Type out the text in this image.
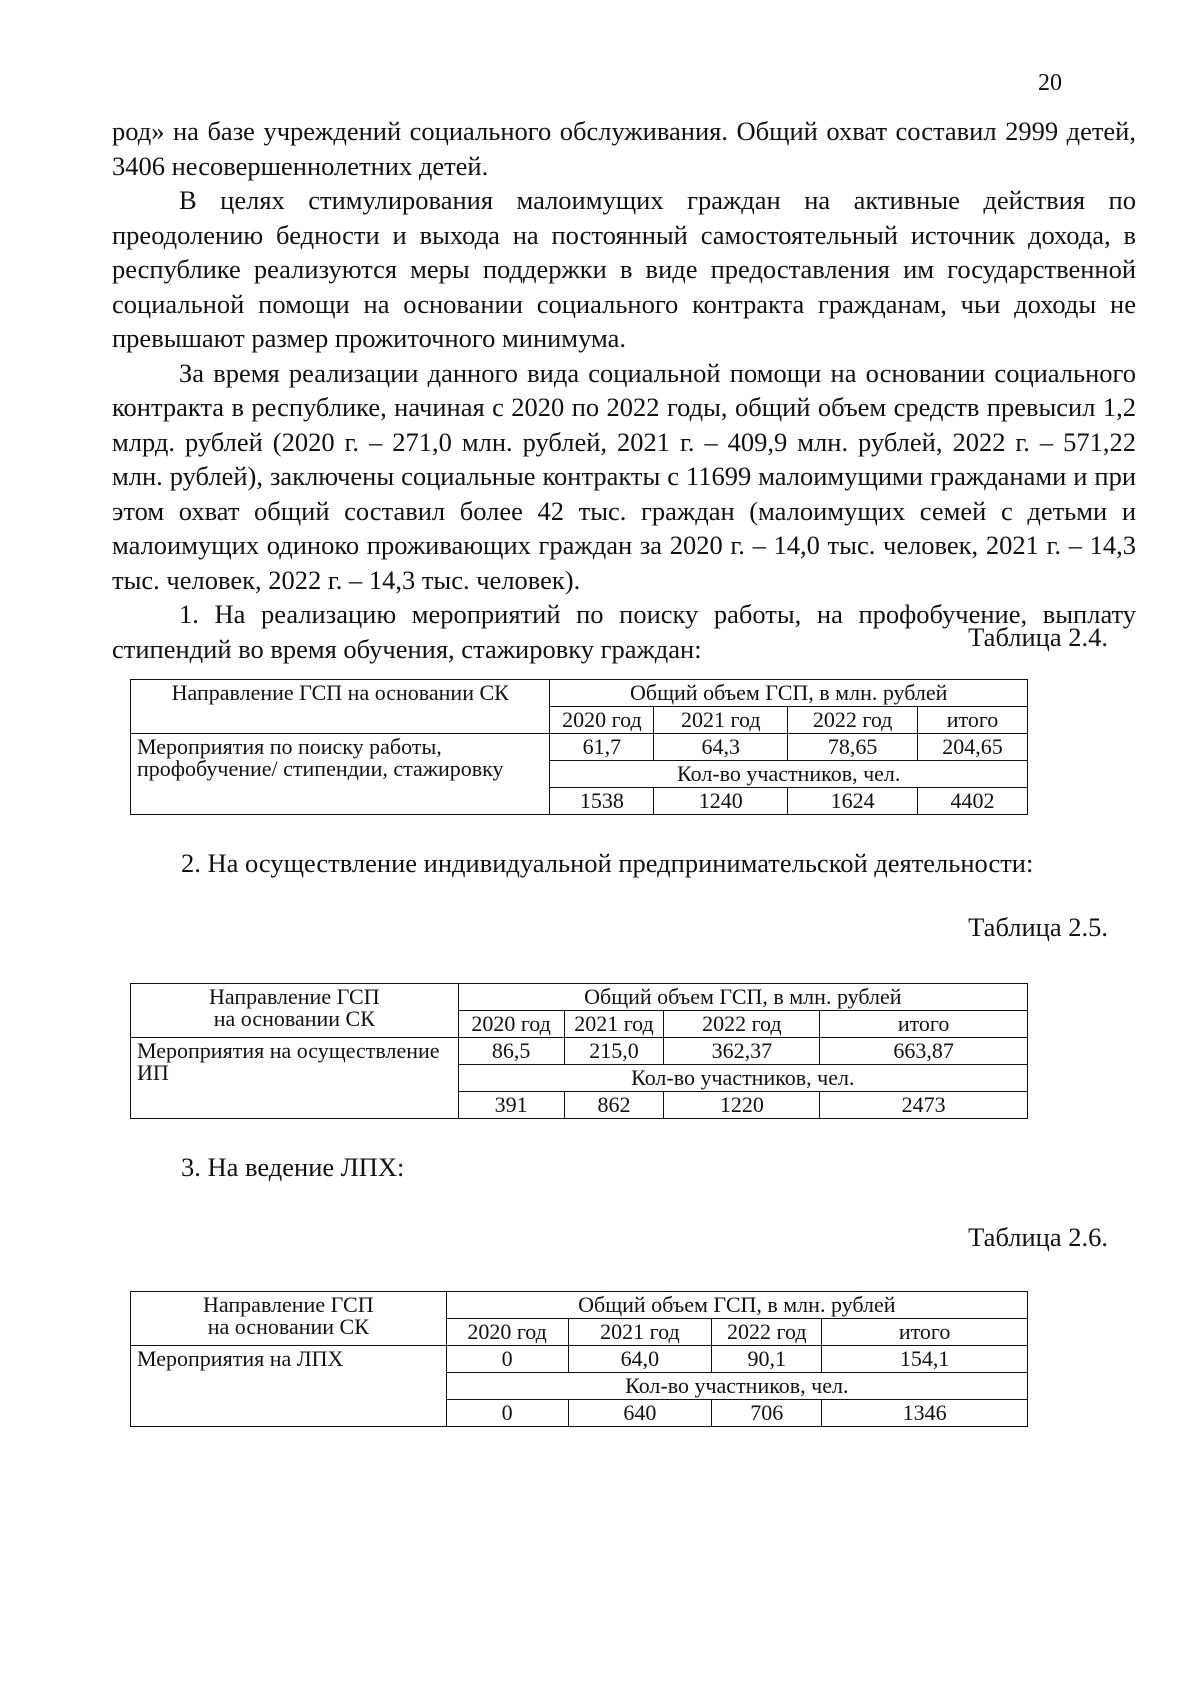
20

род» на базе учреждений социального обслуживания. Общий охват составил 2999 детей, 3406 несовершеннолетних детей.

В целях стимулирования малоимущих граждан на активные действия по преодолению бедности и выхода на постоянный самостоятельный источник дохода, в республике реализуются меры поддержки в виде предоставления им государственной социальной помощи на основании социального контракта гражданам, чьи доходы не превышают размер прожиточного минимума.

За время реализации данного вида социальной помощи на основании социального контракта в республике, начиная с 2020 по 2022 годы, общий объем средств превысил 1,2 млрд. рублей (2020 г. – 271,0 млн. рублей, 2021 г. – 409,9 млн. рублей, 2022 г. – 571,22 млн. рублей), заключены социальные контракты с 11699 малоимущими гражданами и при этом охват общий составил более 42 тыс. граждан (малоимущих семей с детьми и малоимущих одиноко проживающих граждан за 2020 г. – 14,0 тыс. человек, 2021 г. – 14,3 тыс. человек, 2022 г. – 14,3 тыс. человек).

1. На реализацию мероприятий по поиску работы, на профобучение, выплату стипендий во время обучения, стажировку граждан:	Таблица 2.4.
Направление ГСП на основании СК	Общий объем ГСП, в млн. рублей			
	2020 год	2021 год	2022 год	итого
Мероприятия по поиску работы, профобучение/ стипендии, стажировку	61,7	64,3	78,65	204,65
	Кол-во участников, чел.			
	1538	1240	1624	4402
2. На осуществление индивидуальной предпринимательской деятельности:
Таблица 2.5.
Направление ГСП
на основании СК	Общий объем ГСП, в млн. рублей			
	2020 год	2021 год	2022 год	итого
Мероприятия на осуществление ИП	86,5	215,0	362,37	663,87
	Кол-во участников, чел.			
	391	862	1220	2473
3. На ведение ЛПХ:
Таблица 2.6.
Направление ГСП
на основании СК	Общий объем ГСП, в млн. рублей			
	2020 год	2021 год	2022 год	итого
Мероприятия на ЛПХ	0	64,0	90,1	154,1
	Кол-во участников, чел.			
	0	640	706	1346
